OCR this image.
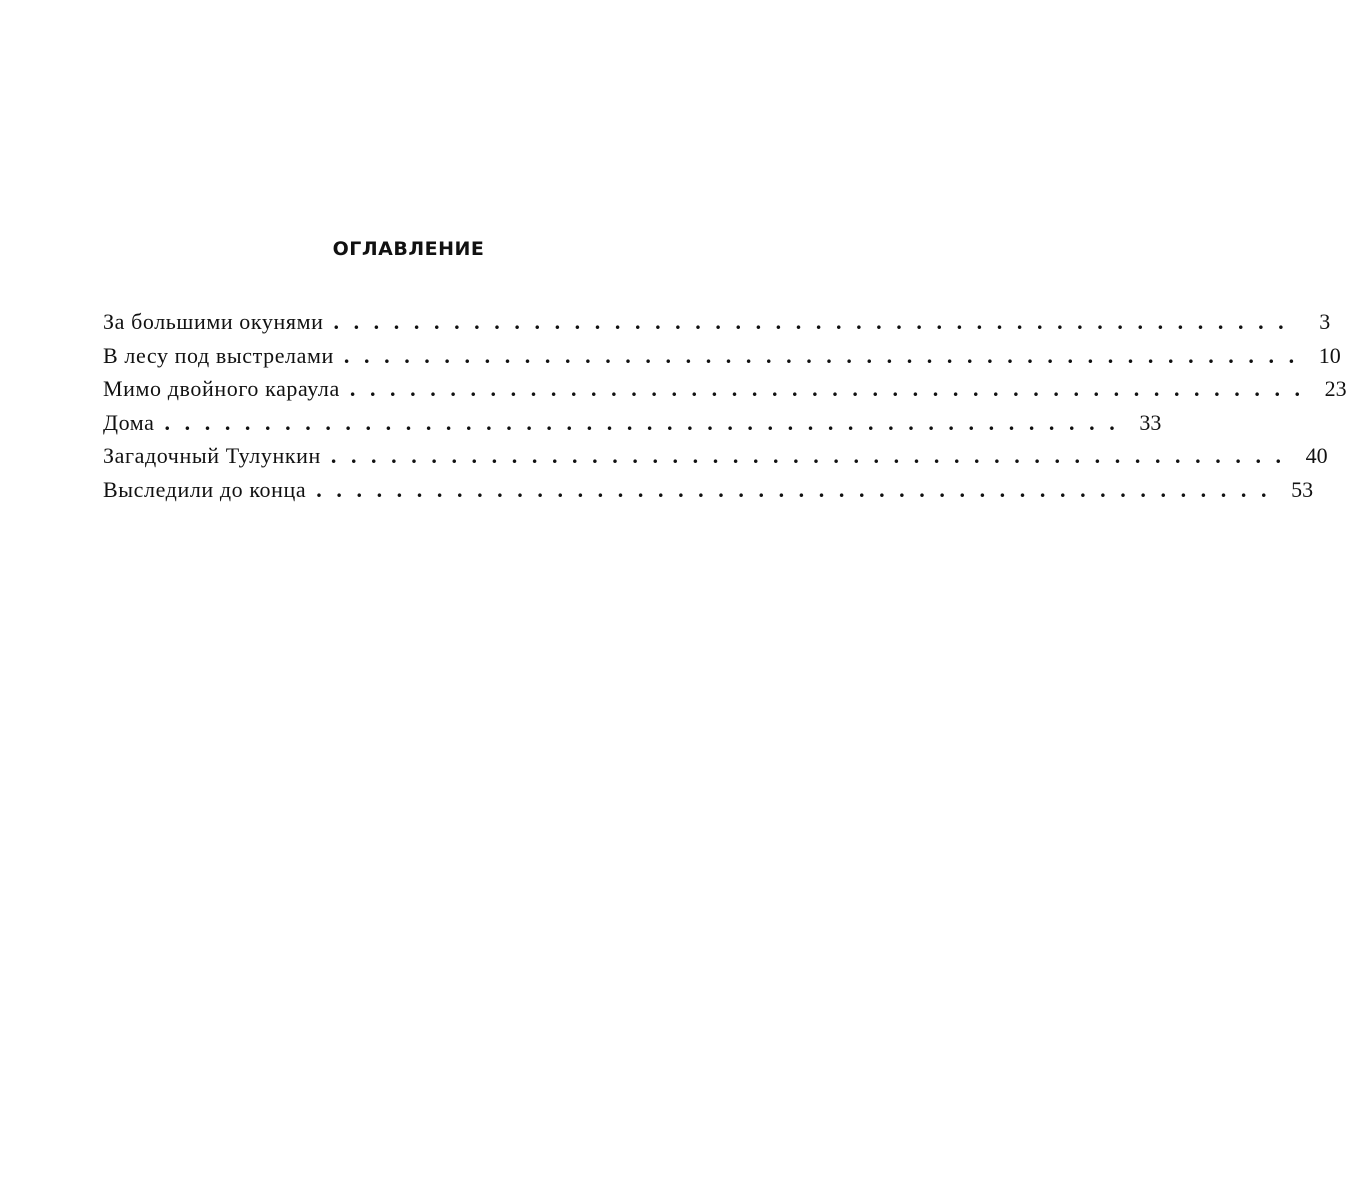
ОГЛАВЛЕНИЕ
За большими окунями ................................................ 3
В лесу под выстрелами ................................................ 10
Мимо двойного караула ................................................ 23
Дома ................................................ 33
Загадочный Тулункин ................................................ 40
Выследили до конца ................................................ 53
